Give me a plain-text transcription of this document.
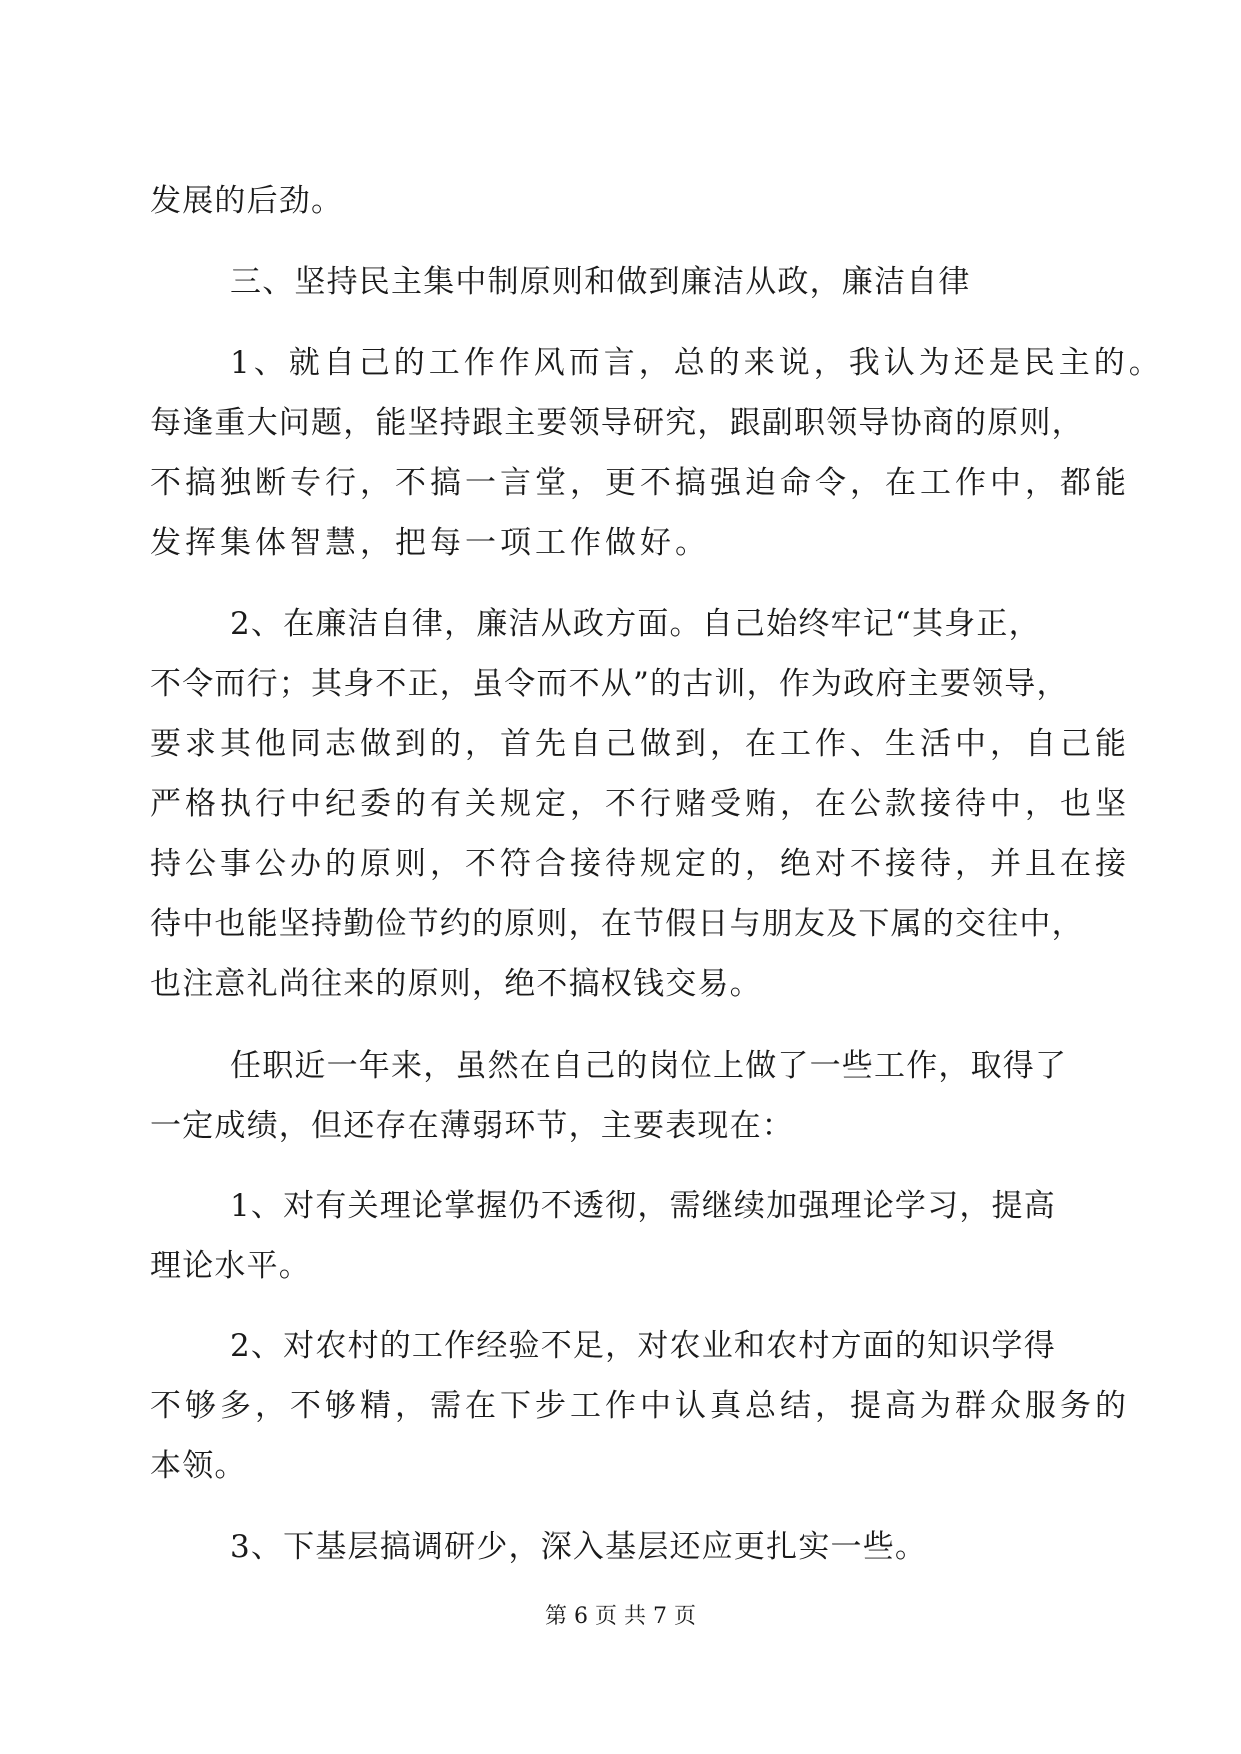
发展的后劲。
三、坚持民主集中制原则和做到廉洁从政，廉洁自律
1、就自己的工作作风而言，总的来说，我认为还是民主的。
每逢重大问题，能坚持跟主要领导研究，跟副职领导协商的原则，
不搞独断专行，不搞一言堂，更不搞强迫命令，在工作中，都能
发挥集体智慧，把每一项工作做好。
2、在廉洁自律，廉洁从政方面。自己始终牢记“其身正，
不令而行；其身不正，虽令而不从”的古训，作为政府主要领导，
要求其他同志做到的，首先自己做到，在工作、生活中，自己能
严格执行中纪委的有关规定，不行赌受贿，在公款接待中，也坚
持公事公办的原则，不符合接待规定的，绝对不接待，并且在接
待中也能坚持勤俭节约的原则，在节假日与朋友及下属的交往中，
也注意礼尚往来的原则，绝不搞权钱交易。
任职近一年来，虽然在自己的岗位上做了一些工作，取得了
一定成绩，但还存在薄弱环节，主要表现在：
1、对有关理论掌握仍不透彻，需继续加强理论学习，提高
理论水平。
2、对农村的工作经验不足，对农业和农村方面的知识学得
不够多，不够精，需在下步工作中认真总结，提高为群众服务的
本领。
3、下基层搞调研少，深入基层还应更扎实一些。
第 6 页 共 7 页
